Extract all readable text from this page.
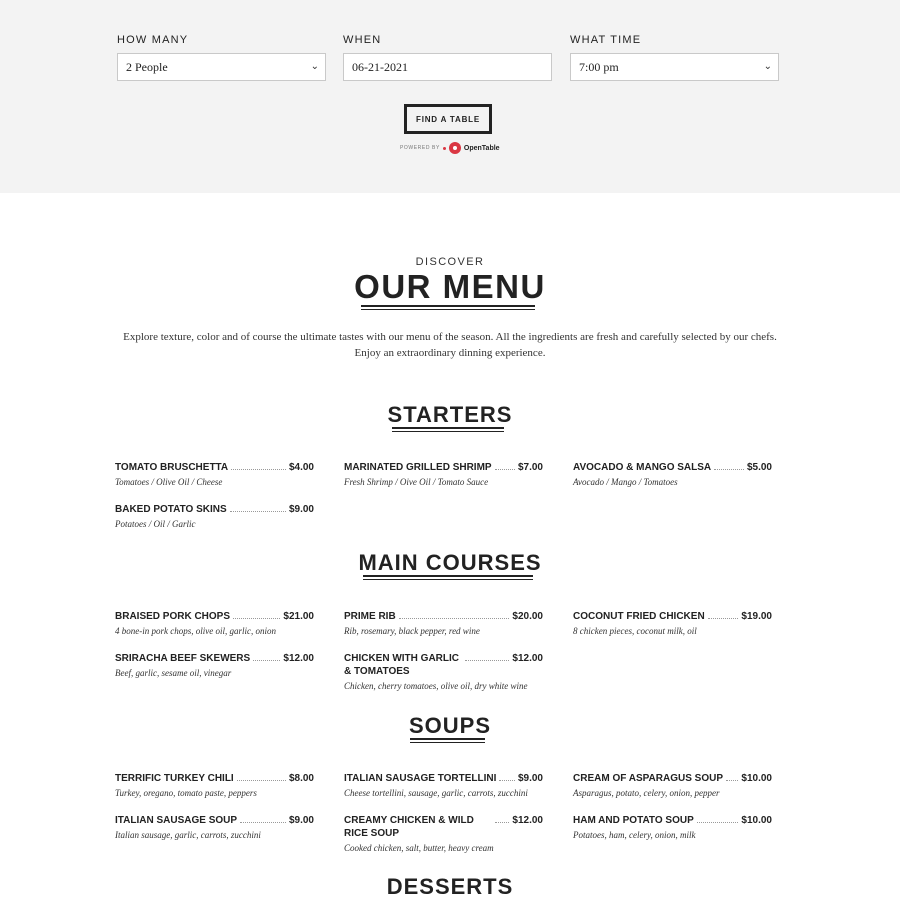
HOW MANY
2 People	⌄
WHEN
06-21-2021
WHAT TIME
7:00 pm	⌄
FIND A TABLE
POWERED BY	OpenTable
DISCOVER
OUR MENU
Explore texture, color and of course the ultimate tastes with our menu of the season. All the ingredients are fresh and carefully selected by our chefs.
Enjoy an extraordinary dinning experience.
STARTERS
TOMATO BRUSCHETTA	$4.00
Tomatoes / Olive Oil / Cheese
MARINATED GRILLED SHRIMP	$7.00
Fresh Shrimp / Oive Oil / Tomato Sauce
AVOCADO & MANGO SALSA	$5.00
Avocado / Mango / Tomatoes
BAKED POTATO SKINS	$9.00
Potatoes / Oil / Garlic
MAIN COURSES
BRAISED PORK CHOPS	$21.00
4 bone-in pork chops, olive oil, garlic, onion
PRIME RIB	$20.00
Rib, rosemary, black pepper, red wine
COCONUT FRIED CHICKEN	$19.00
8 chicken pieces, coconut milk, oil
SRIRACHA BEEF SKEWERS	$12.00
Beef, garlic, sesame oil, vinegar
CHICKEN WITH GARLIC & TOMATOES
$12.00
Chicken, cherry tomatoes, olive oil, dry white wine
SOUPS
TERRIFIC TURKEY CHILI	$8.00
Turkey, oregano, tomato paste, peppers
ITALIAN SAUSAGE TORTELLINI $9.00
Cheese tortellini, sausage, garlic, carrots, zucchini
CREAM OF ASPARAGUS SOUP $10.00
Asparagus, potato, celery, onion, pepper
ITALIAN SAUSAGE SOUP	$9.00
Italian sausage, garlic, carrots, zucchini
CREAMY CHICKEN & WILD RICE SOUP
$12.00
Cooked chicken, salt, butter, heavy cream
HAM AND POTATO SOUP	$10.00
Potatoes, ham, celery, onion, milk
DESSERTS
